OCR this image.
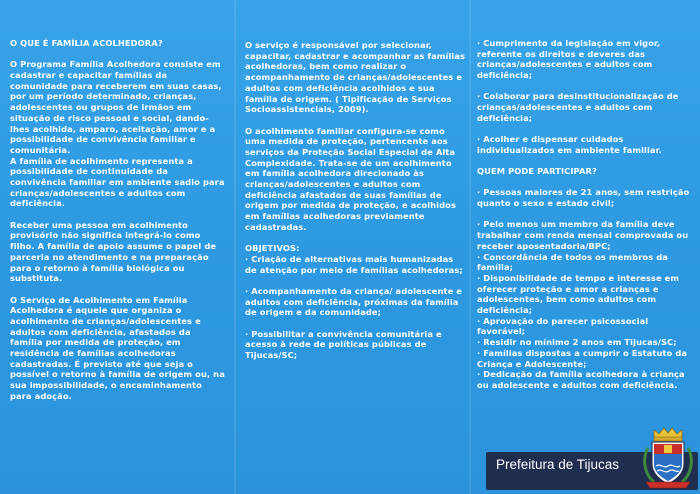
O QUE É FAMÍLIA ACOLHEDORA?

O Programa Família Acolhedora consiste em cadastrar e capacitar famílias da comunidade para receberem em suas casas, por um período determinado, crianças, adolescentes ou grupos de irmãos em situação de risco pessoal e social, dando-lhes acolhida, amparo, aceitação, amor e a possibilidade de convivência familiar e comunitária.

A família de acolhimento representa a possibilidade de continuidade da convivência familiar em ambiente sadio para crianças/adolescentes e adultos com deficiência.

Receber uma pessoa em acolhimento provisório não significa integrá-lo como filho. A família de apoio assume o papel de parceria no atendimento e na preparação para o retorno à família biológica ou substituta.

O Serviço de Acolhimento em Família Acolhedora é aquele que organiza o acolhimento de crianças/adolescentes e adultos com deficiência, afastados da família por medida de proteção, em residência de famílias acolhedoras cadastradas. É previsto até que seja o possível o retorno à família de origem ou, na sua impossibilidade, o encaminhamento para adoção.

O serviço é responsável por selecionar, capacitar, cadastrar e acompanhar as famílias acolhedoras, bem como realizar o acompanhamento de crianças/adolescentes e adultos com deficiência acolhidos e sua família de origem. ( Tipificação de Serviços Socioassistenciais, 2009).

O acolhimento familiar configura-se como uma medida de proteção, pertencente aos serviços da Proteção Social Especial de Alta Complexidade. Trata-se de um acolhimento em família acolhedora direcionado às crianças/adolescentes e adultos com deficiência afastados de suas famílias de origem por medida de proteção, e acolhidos em famílias acolhedoras previamente cadastradas.

OBJETIVOS:

· Criação de alternativas mais humanizadas de atenção por meio de famílias acolhedoras;
· Acompanhamento da criança/ adolescente e adultos com deficiência, próximas da família de origem e da comunidade;
· Possibilitar a convivência comunitária e acesso à rede de políticas públicas de Tijucas/SC;
· Cumprimento da legislação em vigor, referente os direitos e deveres das crianças/adolescentes e adultos com deficiência;
· Colaborar para desinstitucionalização de crianças/adolescentes e adultos com deficiência;
· Acolher e dispensar cuidados individualizados em ambiente familiar.

QUEM PODE PARTICIPAR?

· Pessoas maiores de 21 anos, sem restrição quanto o sexo e estado civil;
· Pelo menos um membro da família deve trabalhar com renda mensal comprovada ou receber aposentadoria/BPC;
· Concordância de todos os membros da família;
· Disponibilidade de tempo e interesse em oferecer proteção e amor a crianças e adolescentes, bem como adultos com deficiência;
· Aprovação do parecer psicossocial favorável;
· Residir no mínimo 2 anos em Tijucas/SC;
· Famílias dispostas a cumprir o Estatuto da Criança e Adolescente;
· Dedicação da família acolhedora à criança ou adolescente e adultos com deficiência.
Prefeitura de Tijucas
